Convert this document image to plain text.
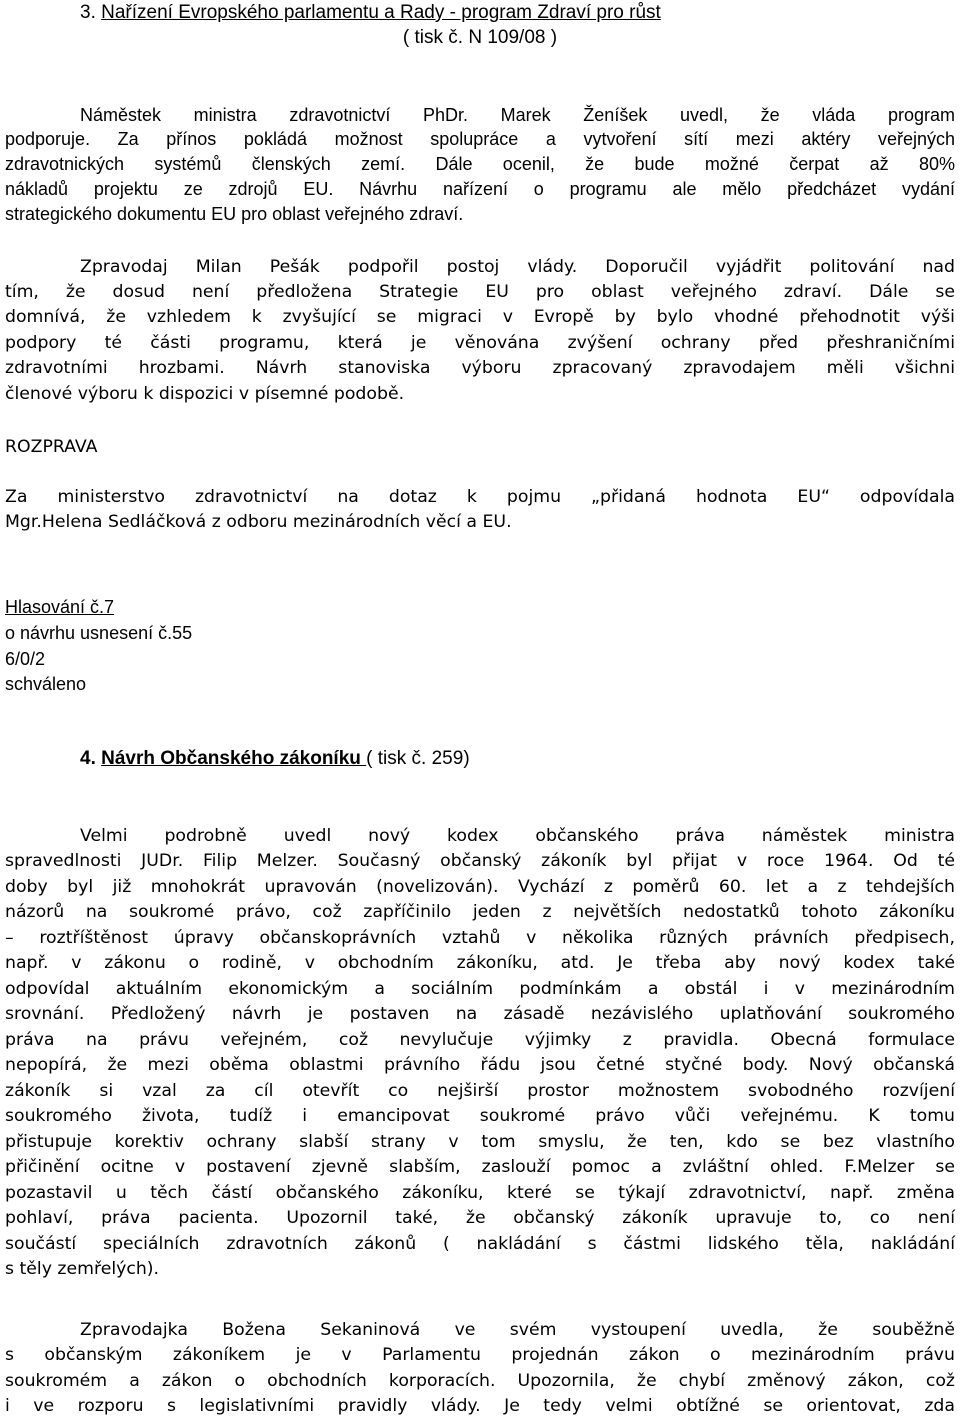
3. Nařízení Evropského parlamentu a Rady - program Zdraví pro růst
( tisk č. N 109/08 )
Náměstek ministra zdravotnictví PhDr. Marek Ženíšek uvedl, že vláda program
podporuje. Za přínos pokládá možnost spolupráce a vytvoření sítí mezi aktéry veřejných
zdravotnických systémů členských zemí. Dále ocenil, že bude možné čerpat až 80%
nákladů projektu ze zdrojů EU. Návrhu nařízení o programu ale mělo předcházet vydání
strategického dokumentu EU pro oblast veřejného zdraví.
Zpravodaj Milan Pešák podpořil postoj vlády. Doporučil vyjádřit politování nad
tím, že dosud není předložena Strategie EU pro oblast veřejného zdraví. Dále se
domnívá, že vzhledem k zvyšující se migraci v Evropě by bylo vhodné přehodnotit výši
podpory té části programu, která je věnována zvýšení ochrany před přeshraničními
zdravotními hrozbami. Návrh stanoviska výboru zpracovaný zpravodajem měli všichni
členové výboru k dispozici v písemné podobě.
ROZPRAVA
Za ministerstvo zdravotnictví na dotaz k pojmu „přidaná hodnota EU“ odpovídala
Mgr.Helena Sedláčková z odboru mezinárodních věcí a EU.
Hlasování č.7
o návrhu usnesení č.55
6/0/2
schváleno
4. Návrh Občanského zákoníku ( tisk č. 259)
Velmi podrobně uvedl nový kodex občanského práva náměstek ministra
spravedlnosti JUDr. Filip Melzer. Současný občanský zákoník byl přijat v roce 1964. Od té
doby byl již mnohokrát upravován (novelizován). Vychází z poměrů 60. let a z tehdejších
názorů na soukromé právo, což zapříčinilo jeden z největších nedostatků tohoto zákoníku
– roztříštěnost úpravy občanskoprávních vztahů v několika různých právních předpisech,
např. v zákonu o rodině, v obchodním zákoníku, atd. Je třeba aby nový kodex také
odpovídal aktuálním ekonomickým a sociálním podmínkám a obstál i v mezinárodním
srovnání. Předložený návrh je postaven na zásadě nezávislého uplatňování soukromého
práva na právu veřejném, což nevylučuje výjimky z pravidla. Obecná formulace
nepopírá, že mezi oběma oblastmi právního řádu jsou četné styčné body. Nový občanská
zákoník si vzal za cíl otevřít co nejširší prostor možnostem svobodného rozvíjení
soukromého života, tudíž i emancipovat soukromé právo vůči veřejnému. K tomu
přistupuje korektiv ochrany slabší strany v tom smyslu, že ten, kdo se bez vlastního
přičinění ocitne v postavení zjevně slabším, zaslouží pomoc a zvláštní ohled. F.Melzer se
pozastavil u těch částí občanského zákoníku, které se týkají zdravotnictví, např. změna
pohlaví, práva pacienta. Upozornil také, že občanský zákoník upravuje to, co není
součástí speciálních zdravotních zákonů ( nakládání s částmi lidského těla, nakládání
s těly zemřelých).
Zpravodajka Božena Sekaninová ve svém vystoupení uvedla, že souběžně
s občanským zákoníkem je v Parlamentu projednán zákon o mezinárodním právu
soukromém a zákon o obchodních korporacích. Upozornila, že chybí změnový zákon, což
i ve rozporu s legislativními pravidly vlády. Je tedy velmi obtížné se orientovat, zda
